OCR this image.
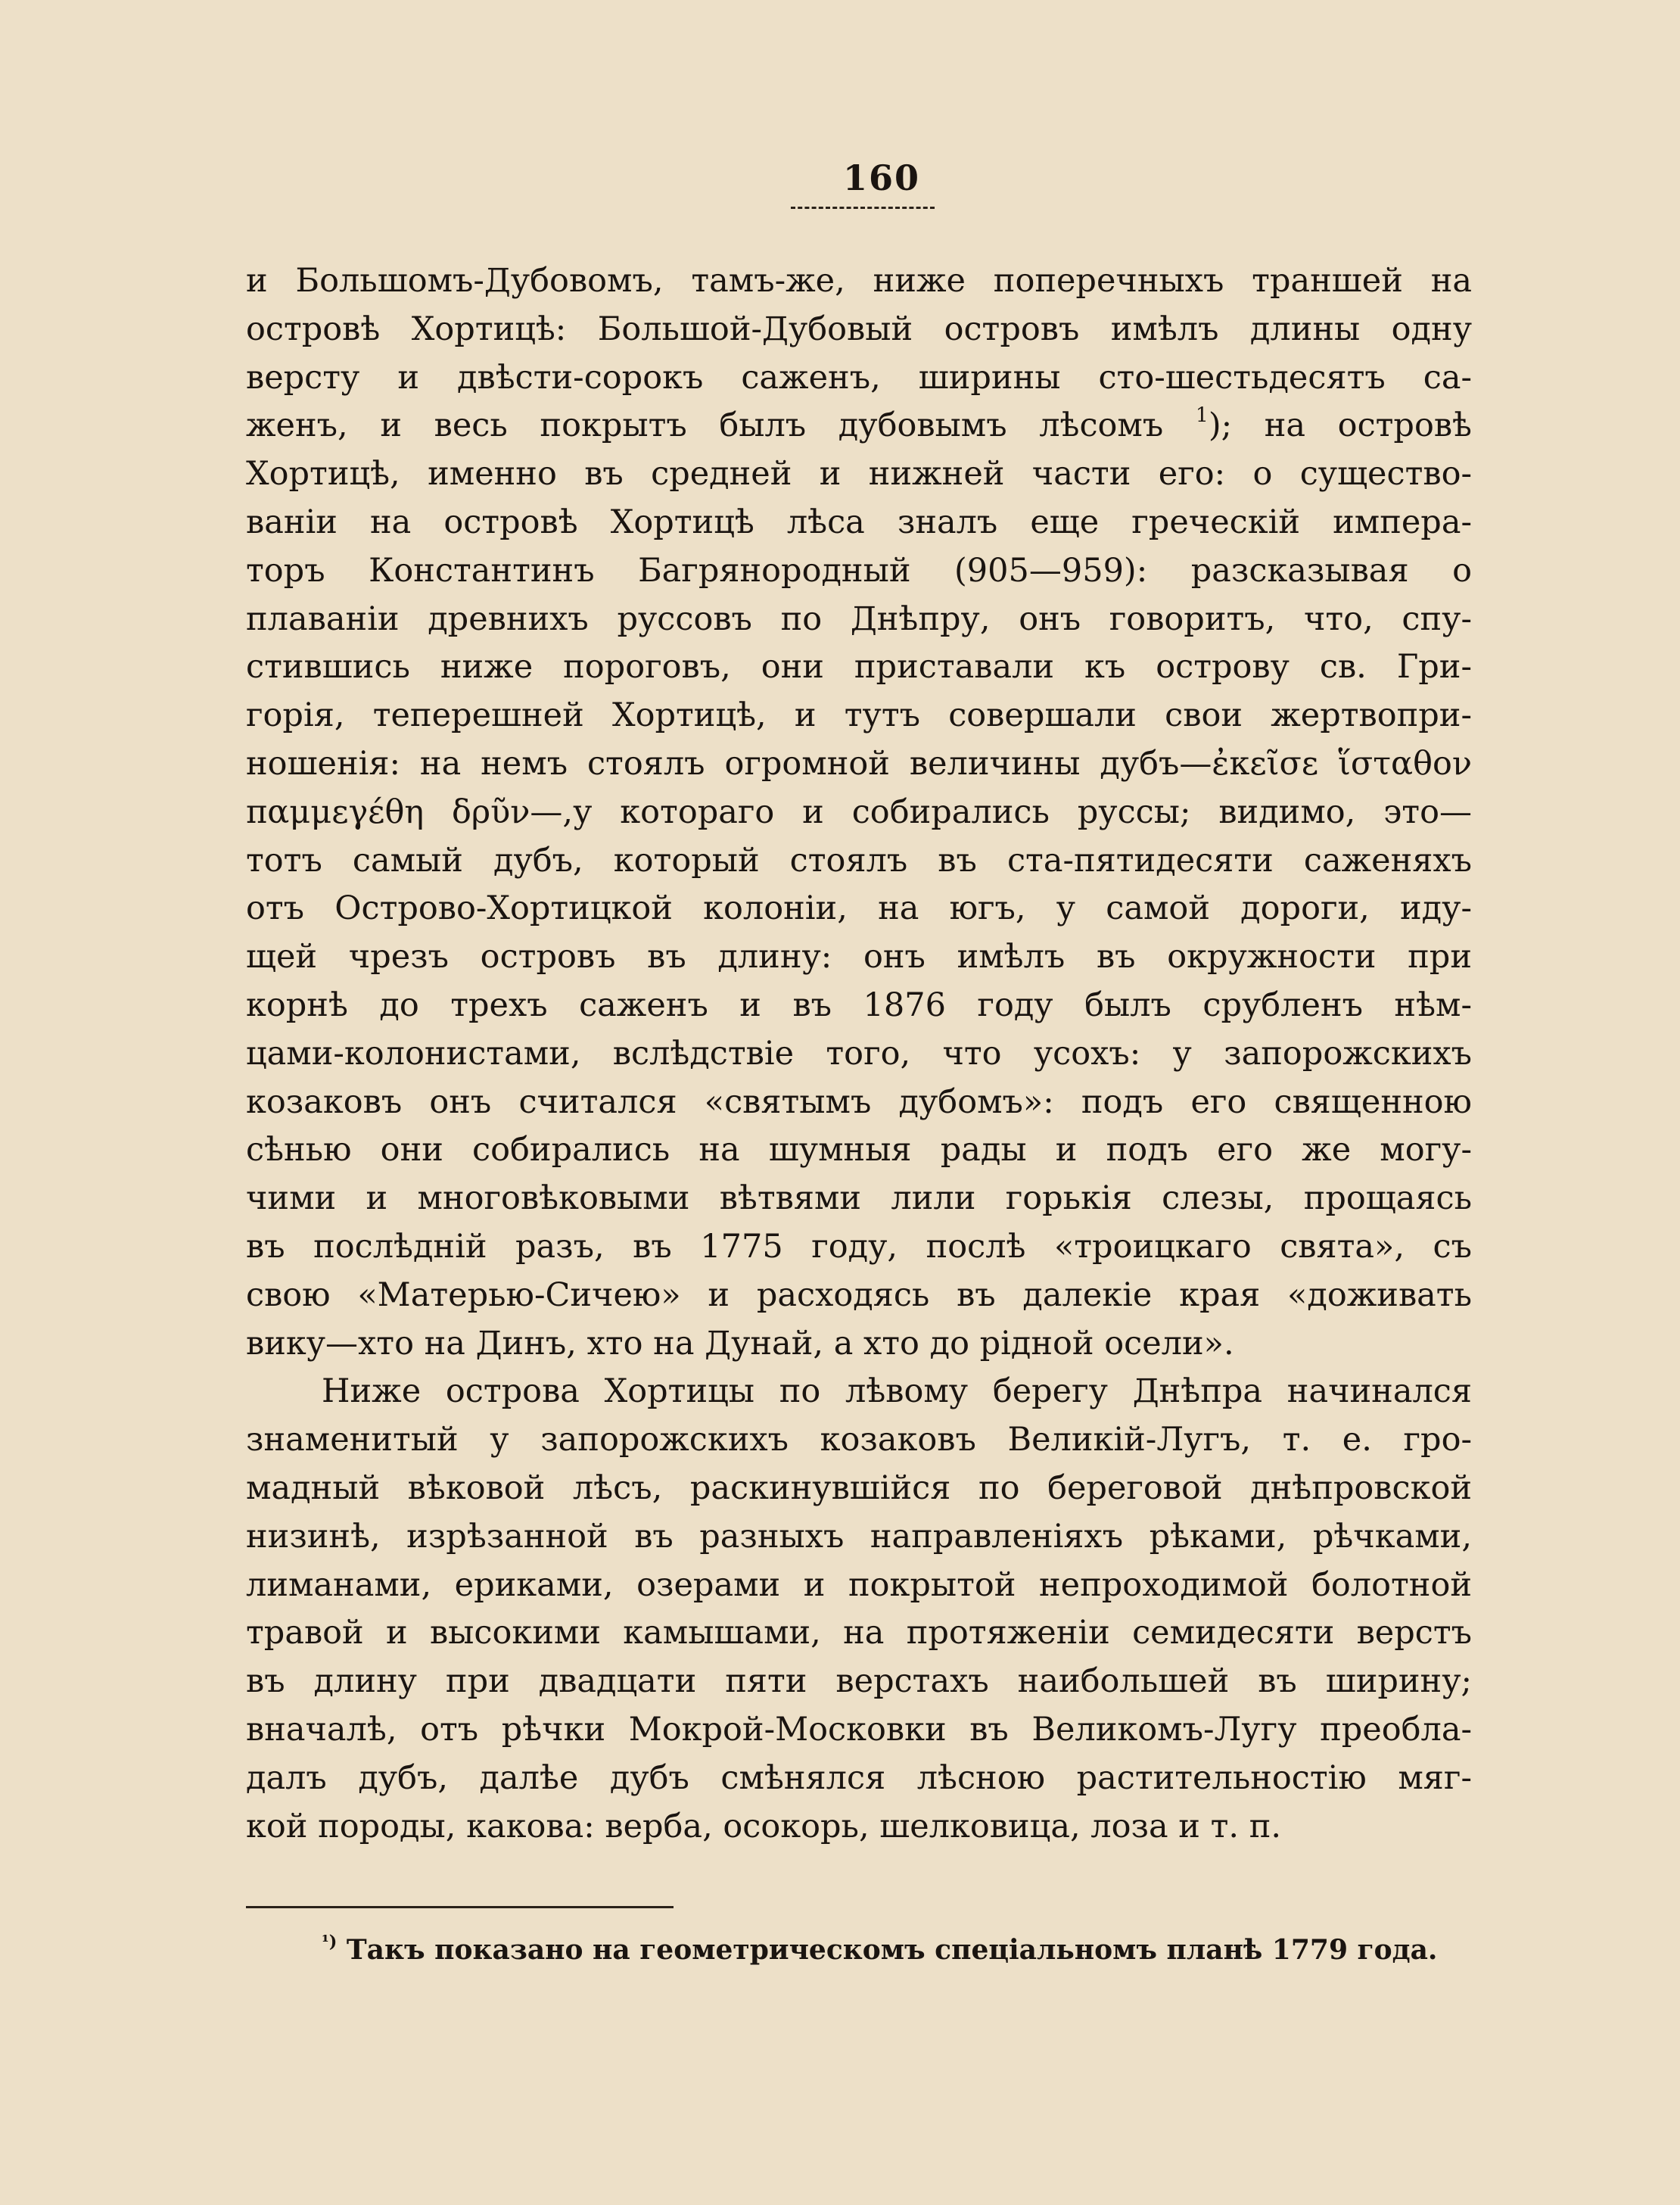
160
и Большомъ-Дубовомъ, тамъ-же, ниже поперечныхъ траншей на
островѣ Хортицѣ: Большой-Дубовый островъ имѣлъ длины одну
версту и двѣсти-сорокъ саженъ, ширины сто-шестьдесятъ са-
женъ, и весь покрытъ былъ дубовымъ лѣсомъ $^1$); на островѣ
Хортицѣ, именно въ средней и нижней части его: о существо-
ваніи на островѣ Хортицѣ лѣса зналъ еще греческій импера-
торъ Константинъ Багрянородный (905—959): разсказывая о
плаваніи древнихъ руссовъ по Днѣпру, онъ говоритъ, что, спу-
стившись ниже пороговъ, они приставали къ острову св. Гри-
горія, теперешней Хортицѣ, и тутъ совершали свои жертвопри-
ношенія: на немъ стоялъ огромной величины дубъ—ἐκεῖσε ἵσταθον
παμμεγέθη δρῦν—,у котораго и собирались руссы; видимо, это—
тотъ самый дубъ, который стоялъ въ ста-пятидесяти саженяхъ
отъ Острово-Хортицкой колоніи, на югъ, у самой дороги, иду-
щей чрезъ островъ въ длину: онъ имѣлъ въ окружности при
корнѣ до трехъ саженъ и въ 1876 году былъ срубленъ нѣм-
цами-колонистами, вслѣдствіе того, что усохъ: у запорожскихъ
козаковъ онъ считался «святымъ дубомъ»: подъ его священною
сѣнью они собирались на шумныя рады и подъ его же могу-
чими и многовѣковыми вѣтвями лили горькія слезы, прощаясь
въ послѣдній разъ, въ 1775 году, послѣ «троицкаго свята», съ
свою «Матерью-Сичею» и расходясь въ далекіе края «доживать
вику—хто на Динъ, хто на Дунай, а хто до рідной осели».
Ниже острова Хортицы по лѣвому берегу Днѣпра начинался
знаменитый у запорожскихъ козаковъ Великій-Лугъ, т. е. гро-
мадный вѣковой лѣсъ, раскинувшійся по береговой днѣпровской
низинѣ, изрѣзанной въ разныхъ направленіяхъ рѣками, рѣчками,
лиманами, ериками, озерами и покрытой непроходимой болотной
травой и высокими камышами, на протяженіи семидесяти верстъ
въ длину при двадцати пяти верстахъ наибольшей въ ширину;
вначалѣ, отъ рѣчки Мокрой-Московки въ Великомъ-Лугу преобла-
далъ дубъ, далѣе дубъ смѣнялся лѣсною растительностію мяг-
кой породы, какова: верба, осокорь, шелковица, лоза и т. п.

$^{^1)}$ Такъ показано на геометрическомъ спеціальномъ планѣ 1779 года.
